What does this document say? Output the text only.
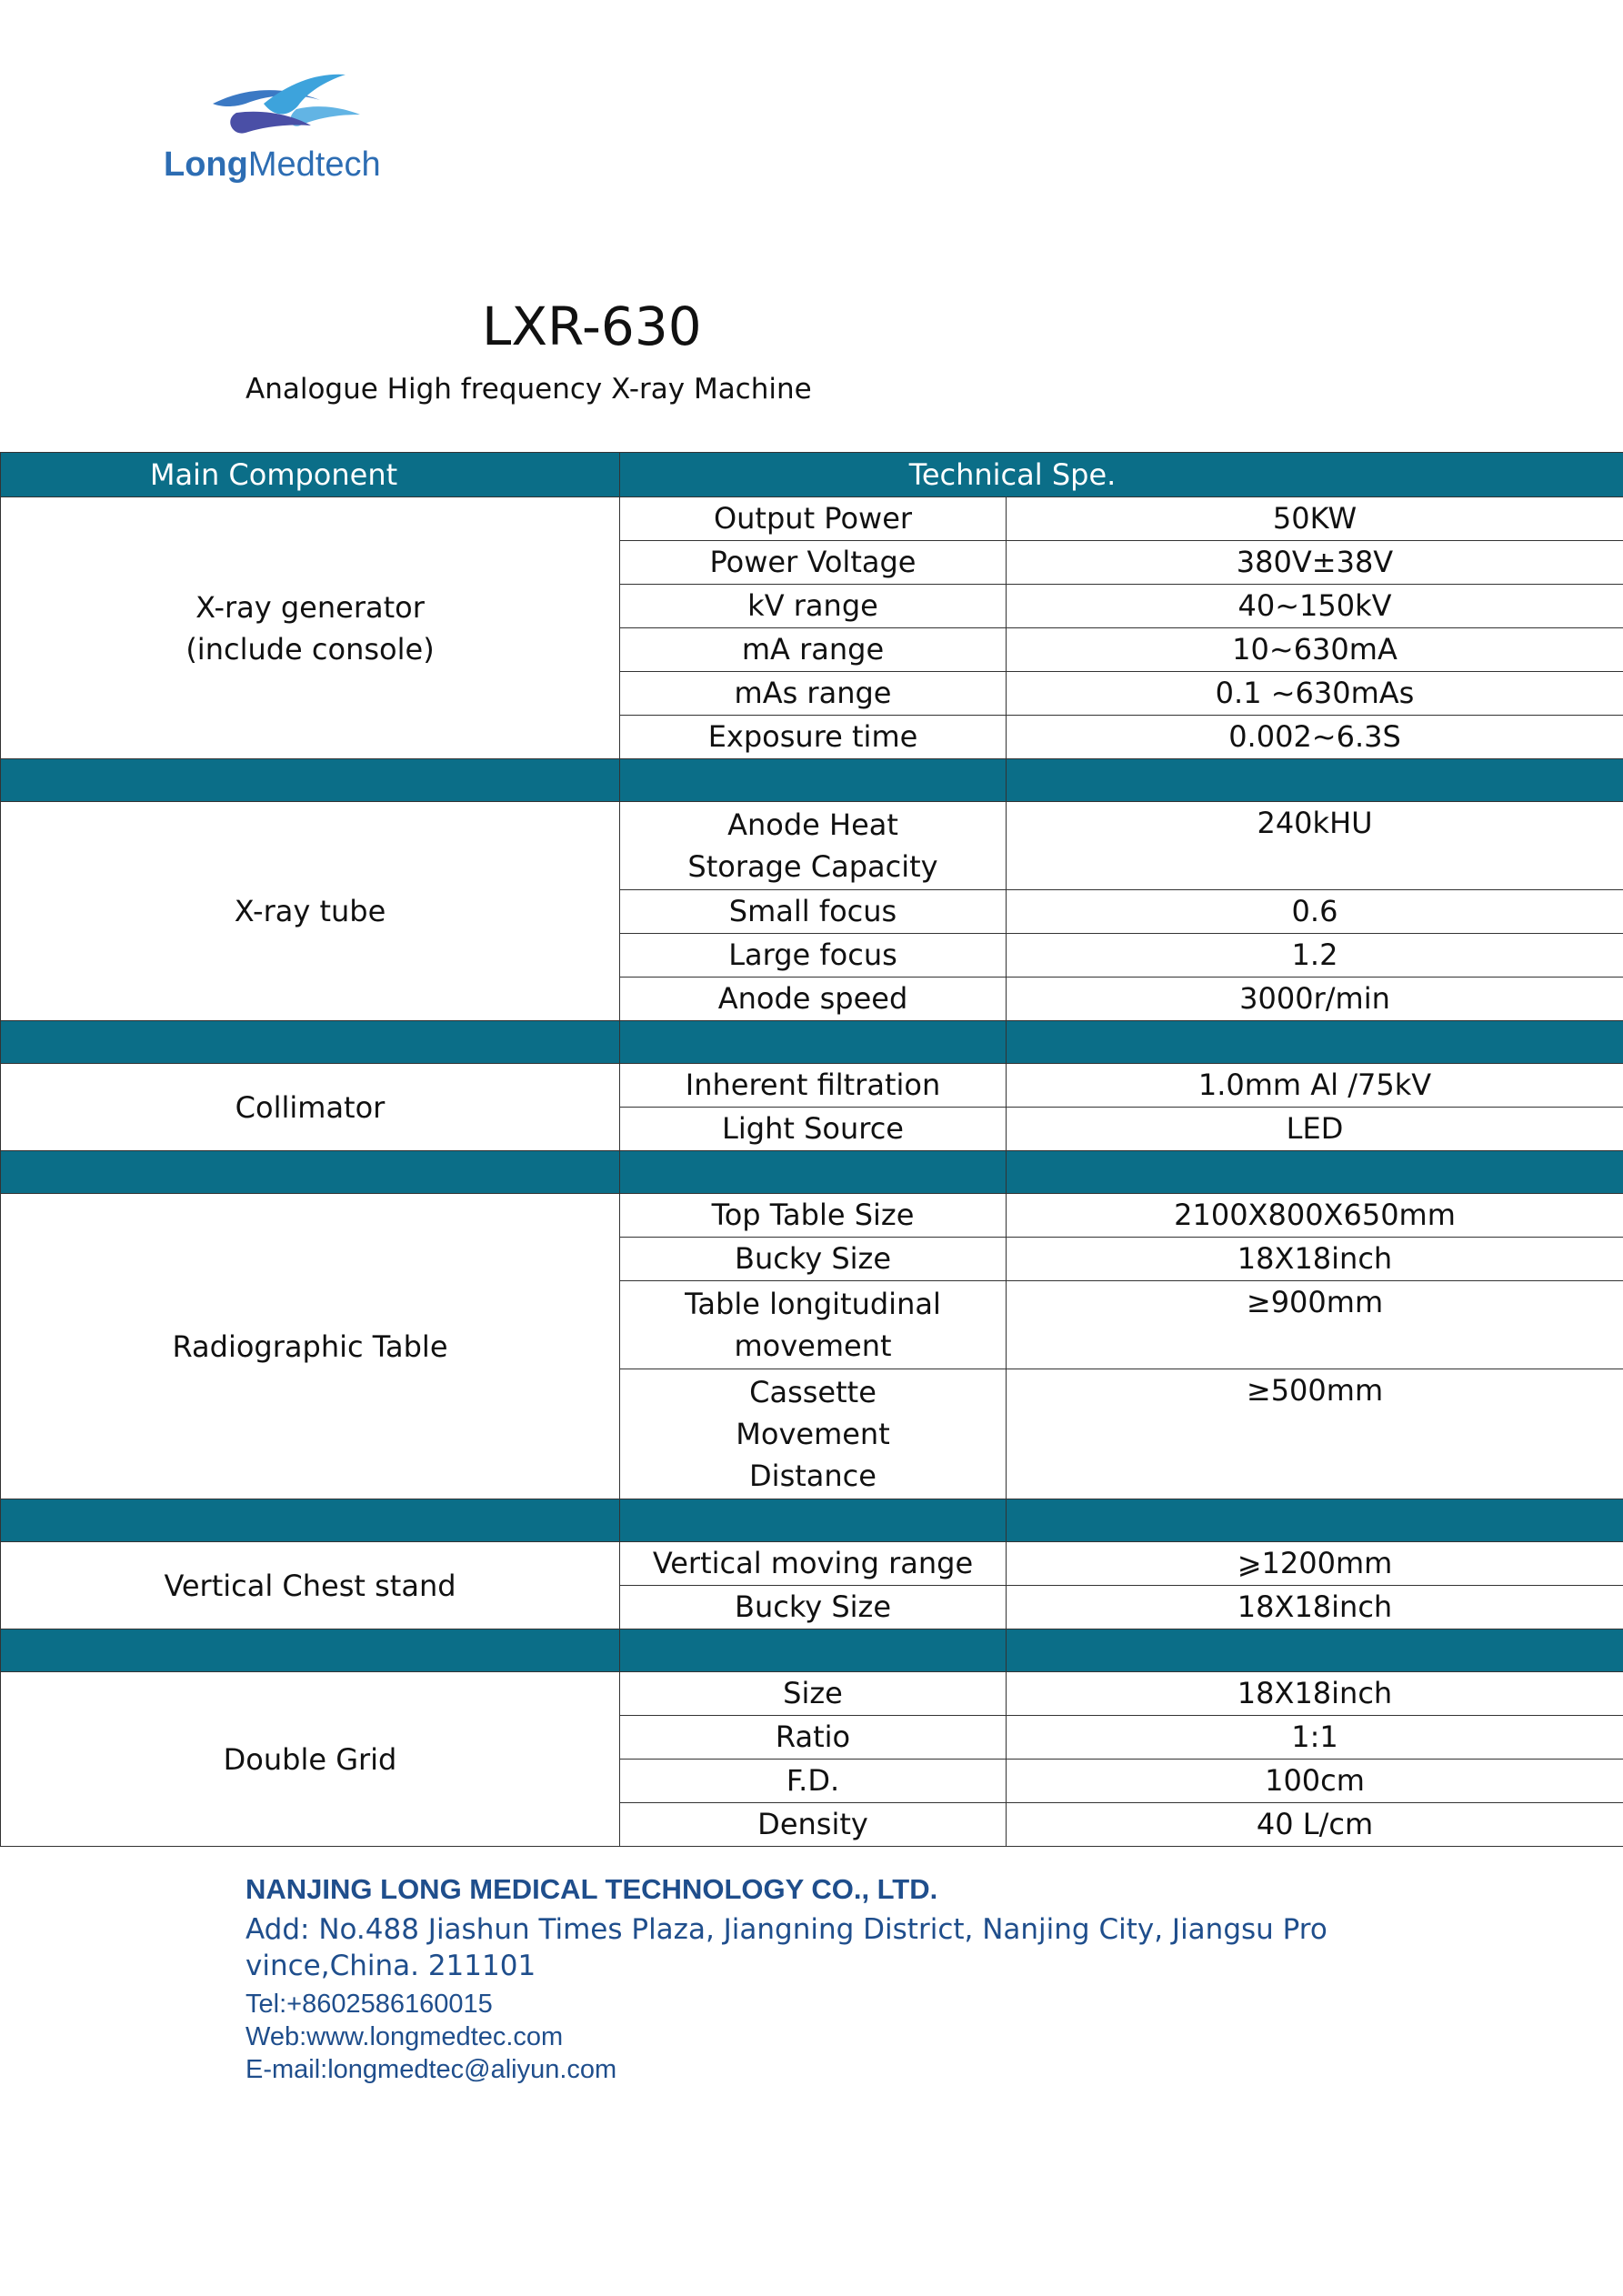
LongMedtech
LXR-630
Analogue High frequency X-ray Machine
Main Component	Technical Spe.	

X-ray generator
(include console)	Output Power	50KW
	Power Voltage	380V±38V
	kV range	40~150kV
	mA range	10~630mA
	mAs range	0.1 ~630mAs
	Exposure time	0.002~6.3S

X-ray tube	Anode Heat Storage Capacity	240kHU
	Small focus	0.6
	Large focus	1.2
	Anode speed	3000r/min

Collimator	Inherent filtration	1.0mm Al /75kV
	Light Source	LED

Radiographic Table	Top Table Size	2100X800X650mm
	Bucky Size	18X18inch
	Table longitudinal movement	≥900mm
	Cassette Movement Distance	≥500mm

Vertical Chest stand	Vertical moving range	⩾1200mm
	Bucky Size	18X18inch

Double Grid	Size	18X18inch
	Ratio	1:1
	F.D.	100cm
	Density	40 L/cm
NANJING LONG MEDICAL TECHNOLOGY CO., LTD.
Add: No.488 Jiashun Times Plaza, Jiangning District, Nanjing City, Jiangsu Province,China. 211101
Tel:+8602586160015
Web:www.longmedtec.com
E-mail:longmedtec@aliyun.com
